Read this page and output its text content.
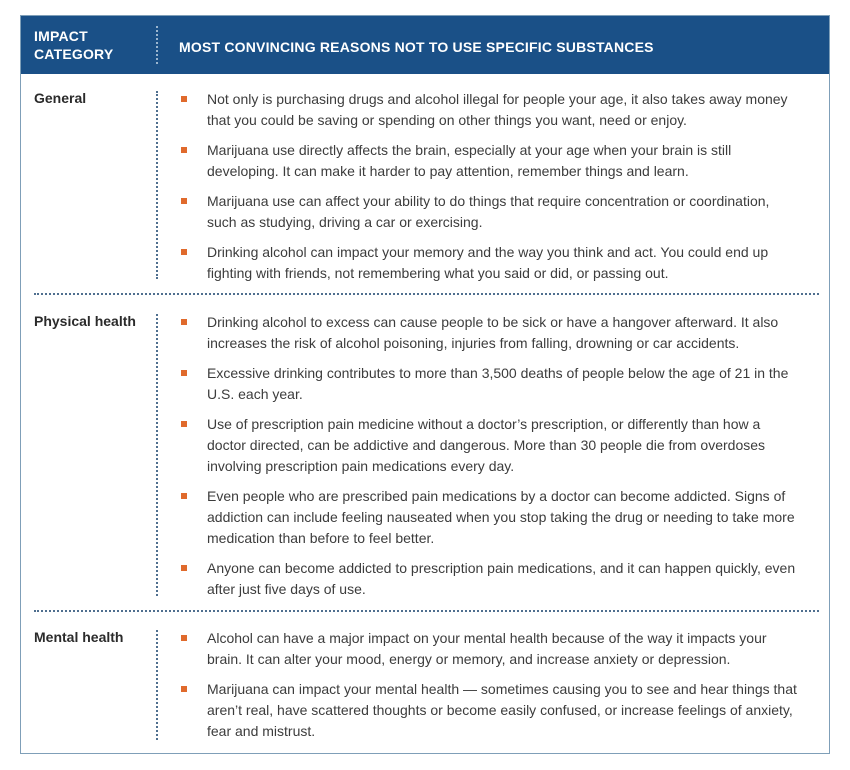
IMPACT CATEGORY	MOST CONVINCING REASONS NOT TO USE SPECIFIC SUBSTANCES
General	Not only is purchasing drugs and alcohol illegal for people your age, it also takes away money that you could be saving or spending on other things you want, need or enjoy.
Marijuana use directly affects the brain, especially at your age when your brain is still developing. It can make it harder to pay attention, remember things and learn.
Marijuana use can affect your ability to do things that require concentration or coordination, such as studying, driving a car or exercising.
Drinking alcohol can impact your memory and the way you think and act. You could end up fighting with friends, not remembering what you said or did, or passing out.
Physical health	Drinking alcohol to excess can cause people to be sick or have a hangover afterward. It also increases the risk of alcohol poisoning, injuries from falling, drowning or car accidents.
Excessive drinking contributes to more than 3,500 deaths of people below the age of 21 in the U.S. each year.
Use of prescription pain medicine without a doctor’s prescription, or differently than how a doctor directed, can be addictive and dangerous. More than 30 people die from overdoses involving prescription pain medications every day.
Even people who are prescribed pain medications by a doctor can become addicted. Signs of addiction can include feeling nauseated when you stop taking the drug or needing to take more medication than before to feel better.
Anyone can become addicted to prescription pain medications, and it can happen quickly, even after just five days of use.
Mental health	Alcohol can have a major impact on your mental health because of the way it impacts your brain. It can alter your mood, energy or memory, and increase anxiety or depression.
Marijuana can impact your mental health — sometimes causing you to see and hear things that aren’t real, have scattered thoughts or become easily confused, or increase feelings of anxiety, fear and mistrust.
